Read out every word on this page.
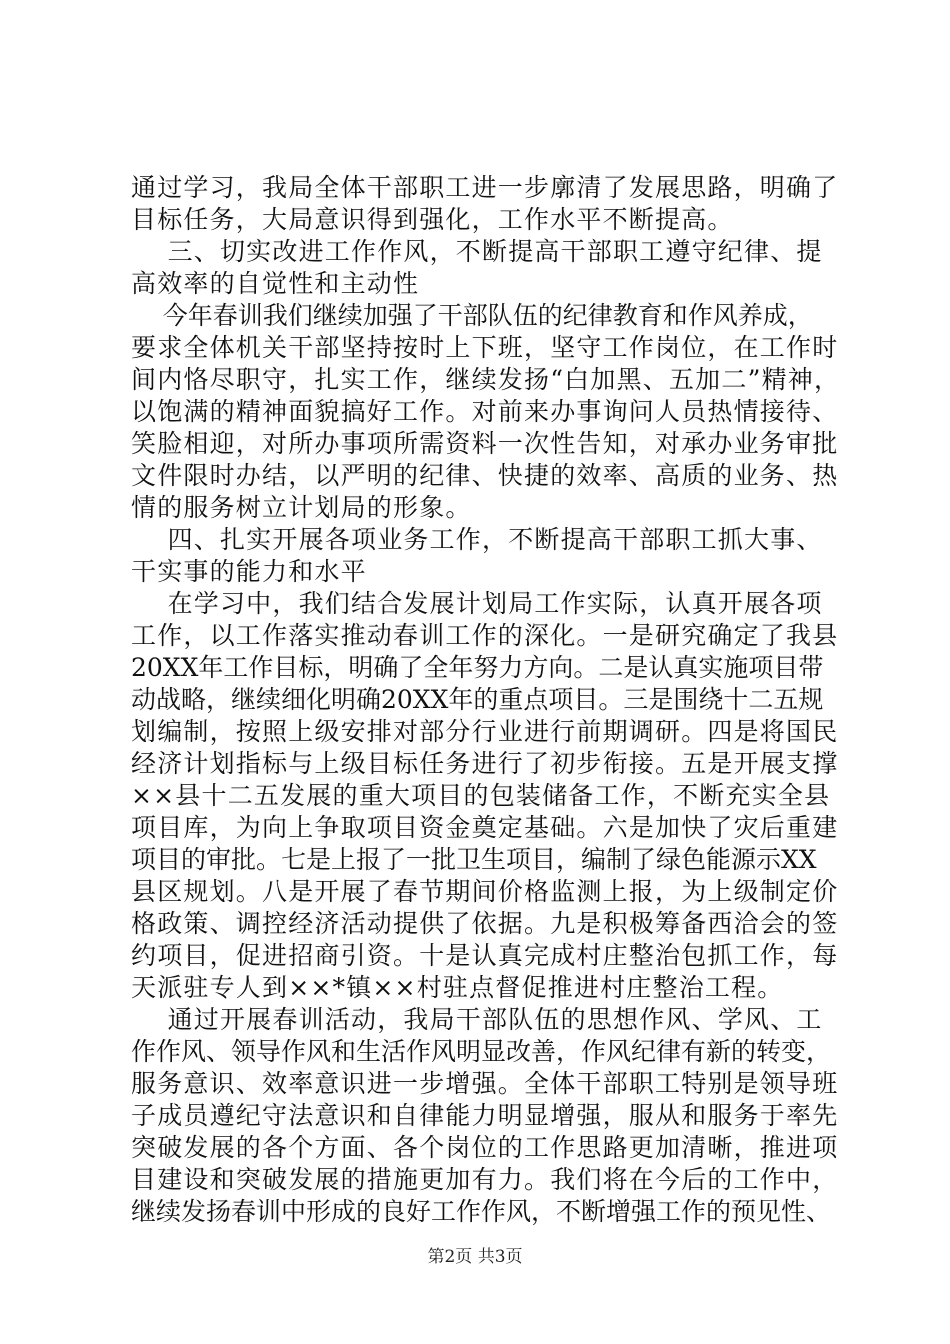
通过学习，我局全体干部职工进一步廓清了发展思路，明确了
目标任务，大局意识得到强化，工作水平不断提高。
三、切实改进工作作风，不断提高干部职工遵守纪律、提
高效率的自觉性和主动性
今年春训我们继续加强了干部队伍的纪律教育和作风养成，
要求全体机关干部坚持按时上下班，坚守工作岗位，在工作时
间内恪尽职守，扎实工作，继续发扬“白加黑、五加二”精神，
以饱满的精神面貌搞好工作。对前来办事询问人员热情接待、
笑脸相迎，对所办事项所需资料一次性告知，对承办业务审批
文件限时办结，以严明的纪律、快捷的效率、高质的业务、热
情的服务树立计划局的形象。
四、扎实开展各项业务工作，不断提高干部职工抓大事、
干实事的能力和水平
在学习中，我们结合发展计划局工作实际，认真开展各项
工作，以工作落实推动春训工作的深化。一是研究确定了我县
20XX年工作目标，明确了全年努力方向。二是认真实施项目带
动战略，继续细化明确20XX年的重点项目。三是围绕十二五规
划编制，按照上级安排对部分行业进行前期调研。四是将国民
经济计划指标与上级目标任务进行了初步衔接。五是开展支撑
××县十二五发展的重大项目的包装储备工作，不断充实全县
项目库，为向上争取项目资金奠定基础。六是加快了灾后重建
项目的审批。七是上报了一批卫生项目，编制了绿色能源示XX
县区规划。八是开展了春节期间价格监测上报，为上级制定价
格政策、调控经济活动提供了依据。九是积极筹备西洽会的签
约项目，促进招商引资。十是认真完成村庄整治包抓工作，每
天派驻专人到××*镇××村驻点督促推进村庄整治工程。
通过开展春训活动，我局干部队伍的思想作风、学风、工
作作风、领导作风和生活作风明显改善，作风纪律有新的转变，
服务意识、效率意识进一步增强。全体干部职工特别是领导班
子成员遵纪守法意识和自律能力明显增强，服从和服务于率先
突破发展的各个方面、各个岗位的工作思路更加清晰，推进项
目建设和突破发展的措施更加有力。我们将在今后的工作中，
继续发扬春训中形成的良好工作作风，不断增强工作的预见性、
第2页 共3页
